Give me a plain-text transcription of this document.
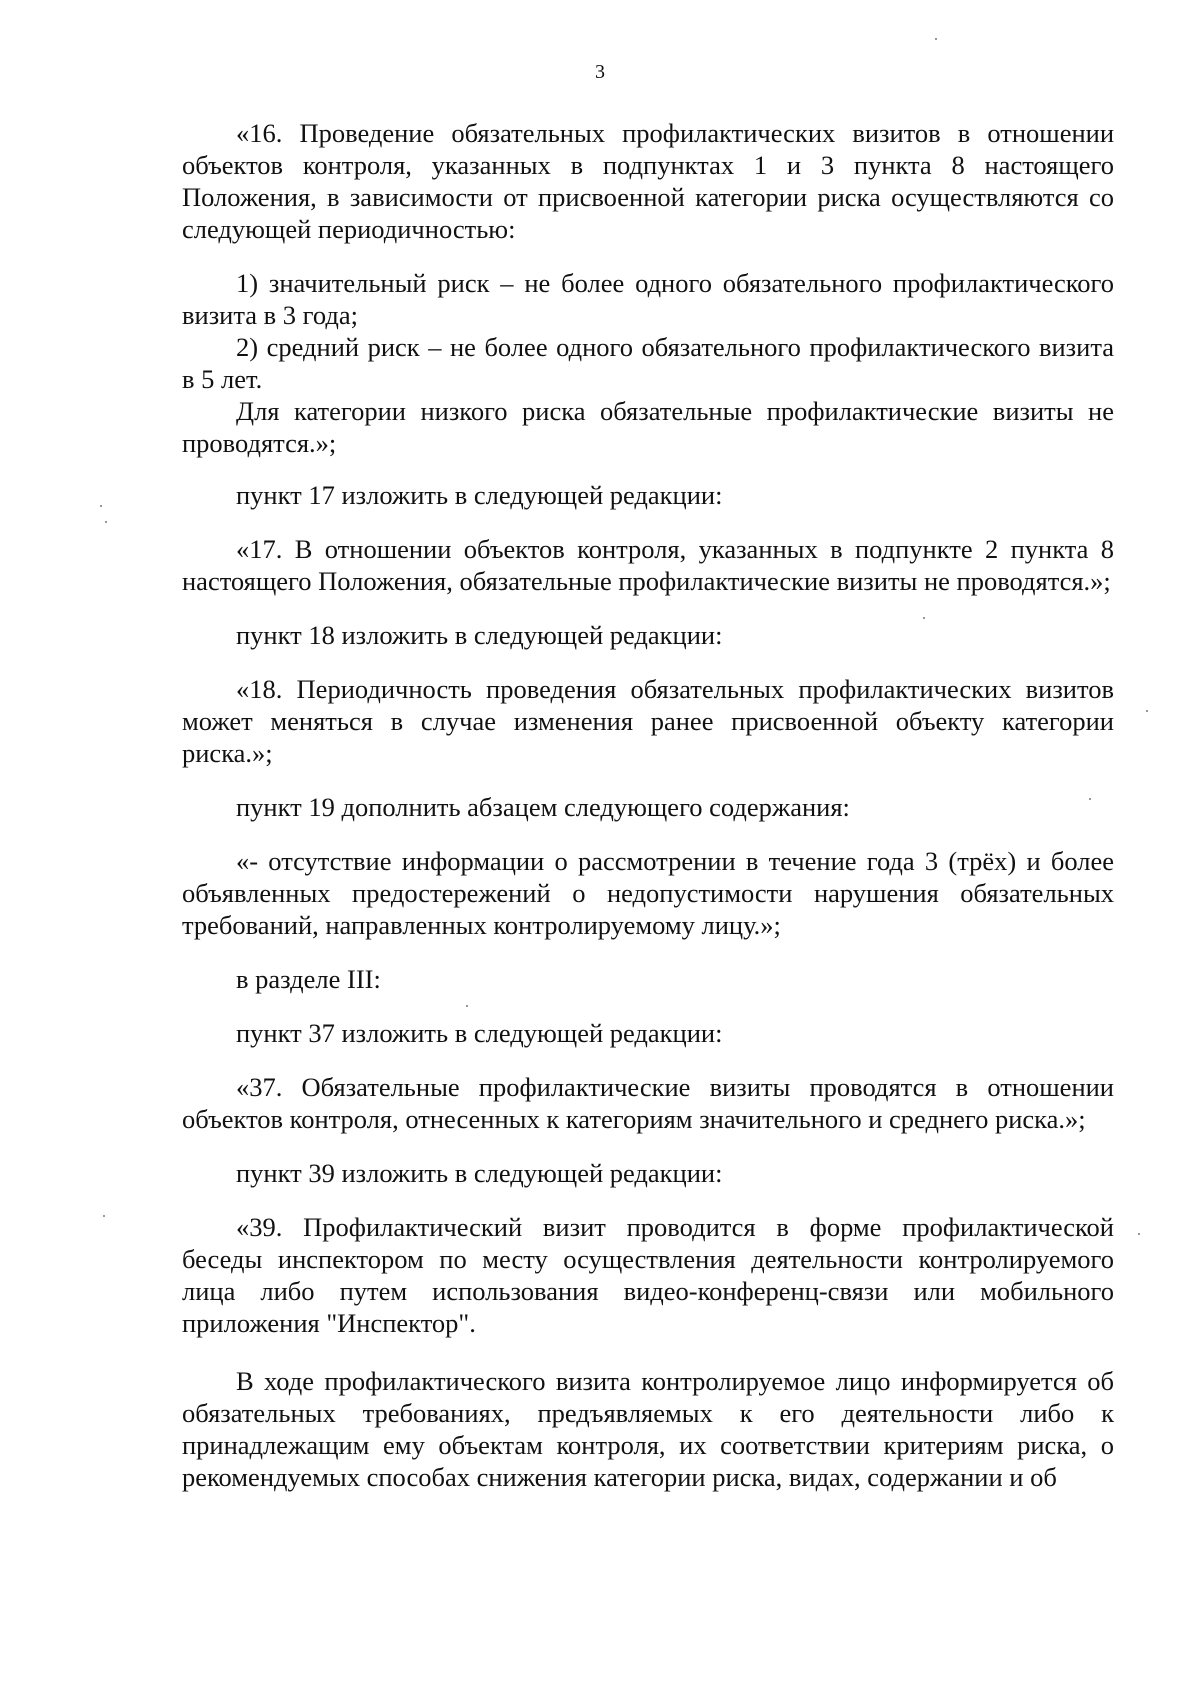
3

«16. Проведение обязательных профилактических визитов в отношении объектов контроля, указанных в подпунктах 1 и 3 пункта 8 настоящего Положения, в зависимости от присвоенной категории риска осуществляются со следующей периодичностью:

1) значительный риск – не более одного обязательного профилактического визита в 3 года;

2) средний риск – не более одного обязательного профилактического визита в 5 лет.

Для категории низкого риска обязательные профилактические визиты не проводятся.»;

пункт 17 изложить в следующей редакции:

«17. В отношении объектов контроля, указанных в подпункте 2 пункта 8 настоящего Положения, обязательные профилактические визиты не проводятся.»;

пункт 18 изложить в следующей редакции:

«18. Периодичность проведения обязательных профилактических визитов может меняться в случае изменения ранее присвоенной объекту категории риска.»;

пункт 19 дополнить абзацем следующего содержания:

«- отсутствие информации о рассмотрении в течение года 3 (трёх) и более объявленных предостережений о недопустимости нарушения обязательных требований, направленных контролируемому лицу.»;

в разделе III:

пункт 37 изложить в следующей редакции:

«37. Обязательные профилактические визиты проводятся в отношении объектов контроля, отнесенных к категориям значительного и среднего риска.»;

пункт 39 изложить в следующей редакции:

«39. Профилактический визит проводится в форме профилактической беседы инспектором по месту осуществления деятельности контролируемого лица либо путем использования видео-конференц-связи или мобильного приложения "Инспектор".

В ходе профилактического визита контролируемое лицо информируется об обязательных требованиях, предъявляемых к его деятельности либо к принадлежащим ему объектам контроля, их соответствии критериям риска, о рекомендуемых способах снижения категории риска, видах, содержании и об
